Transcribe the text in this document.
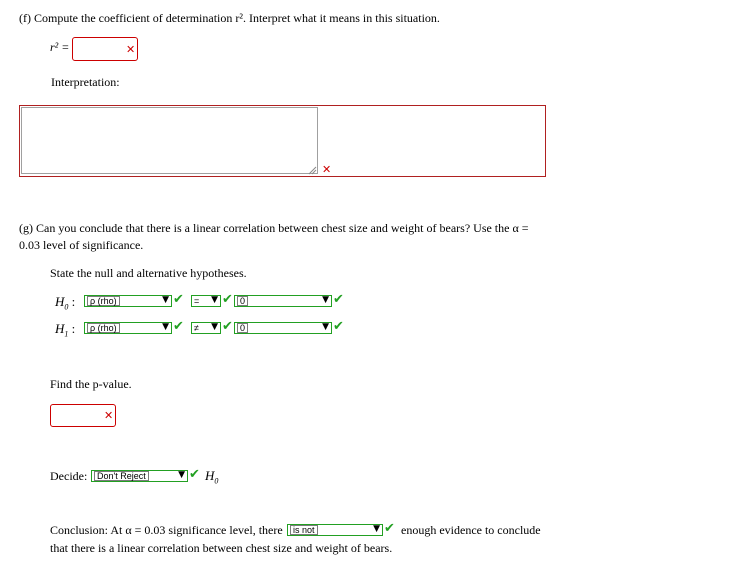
(f) Compute the coefficient of determination r². Interpret what it means in this situation.
r² =	✕
Interpretation:
✕
(g) Can you conclude that there is a linear correlation between chest size and weight of bears? Use the α =
0.03 level of significance.
State the null and alternative hypotheses.
$H_0$ :	ρ (rho)	▼ ✔	= ▼ ✔ 0	▼ ✔
$H_1$ :	ρ (rho)	▼ ✔	≠ ▼ ✔ 0	▼ ✔
Find the p-value.
✕
Decide:	Don't Reject	▼ ✔ $H_0$
Conclusion: At α = 0.03 significance level, there	is not	▼ ✔ enough evidence to conclude
that there is a linear correlation between chest size and weight of bears.
